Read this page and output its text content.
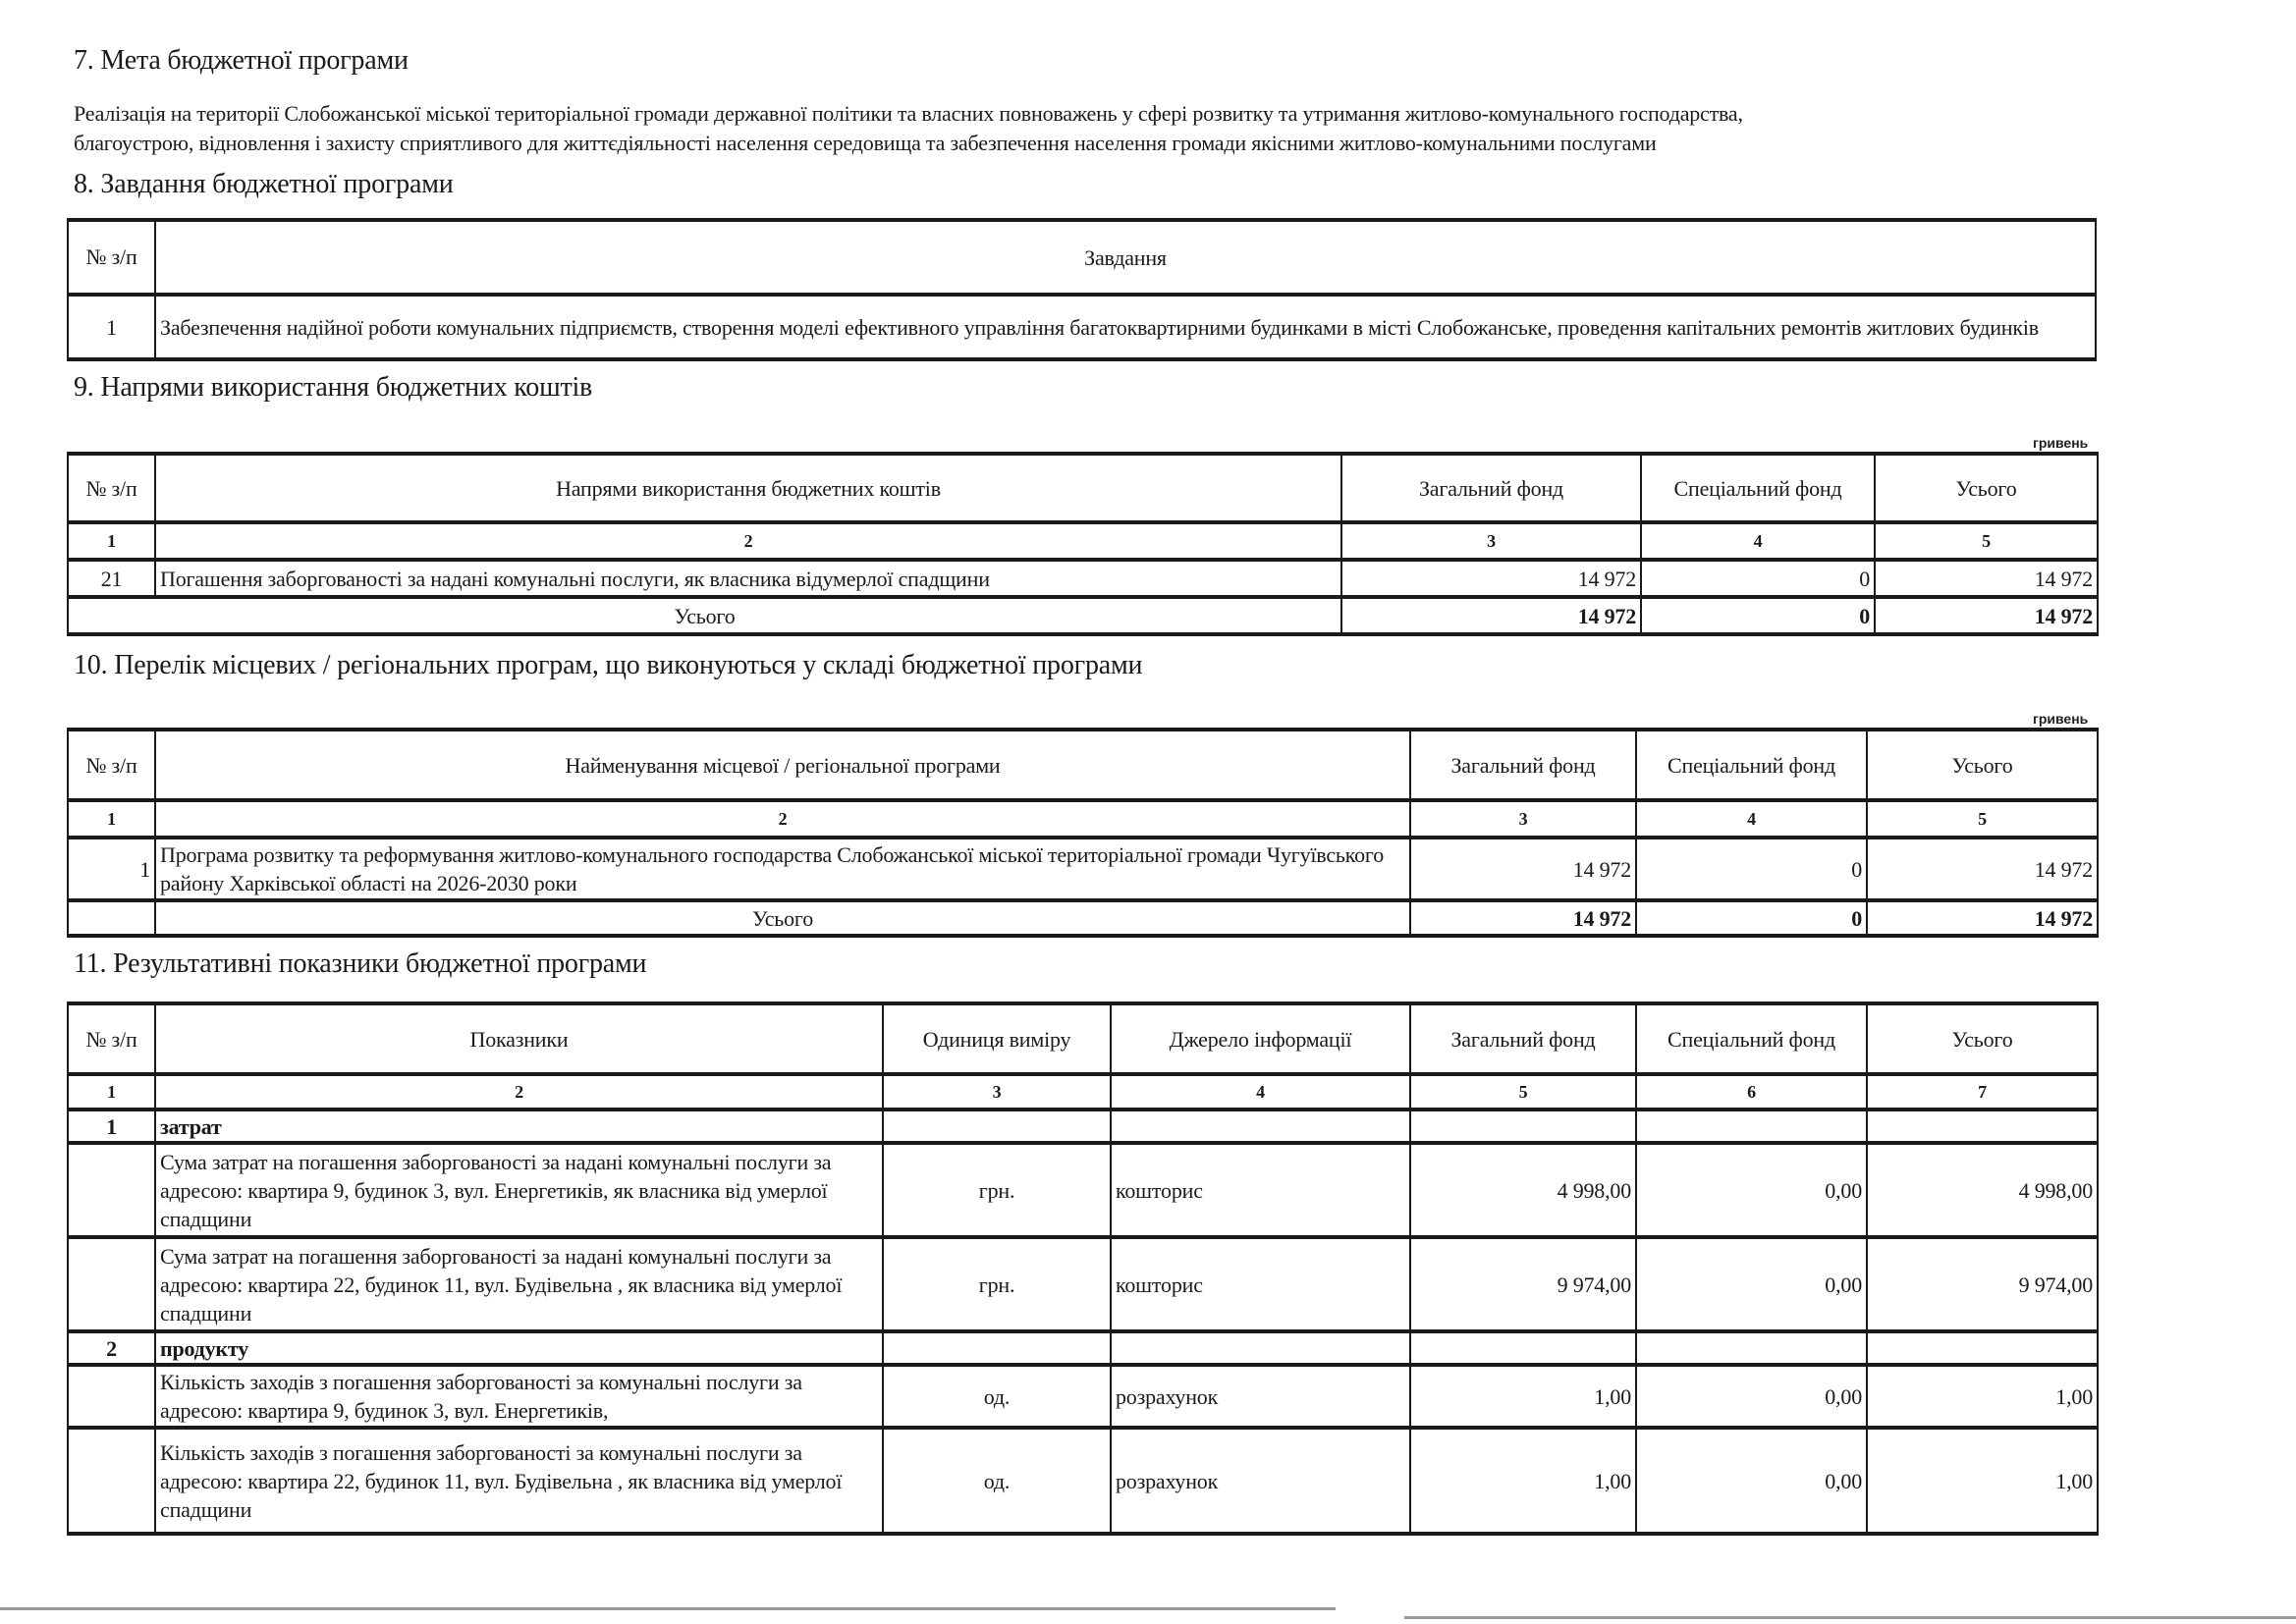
7. Мета бюджетної програми
Реалізація на території Слобожанської міської територіальної громади державної політики та власних повноважень у сфері розвитку та утримання житлово-комунального господарства,
благоустрою, відновлення і захисту сприятливого для життєдіяльності населення середовища та забезпечення населення громади якісними житлово-комунальними послугами
8. Завдання бюджетної програми
№ з/п	Завдання
1	Забезпечення надійної роботи комунальних підприємств, створення моделі ефективного управління багатоквартирними будинками в місті Слобожанське, проведення капітальних ремонтів житлових будинків
9. Напрями використання бюджетних коштів
гривень
№ з/п	Напрями використання бюджетних коштів	Загальний фонд	Спеціальний фонд	Усього
1	2	3	4	5
21	Погашення заборгованості за надані комунальні послуги, як власника відумерлої спадщини	14 972	0	14 972
Усього		14 972	0	14 972
10. Перелік місцевих / регіональних програм, що виконуються у складі бюджетної програми
гривень
№ з/п	Найменування місцевої / регіональної програми	Загальний фонд	Спеціальний фонд	Усього
1	2	3	4	5
1	Програма розвитку та реформування житлово-комунального господарства Слобожанської міської територіальної громади Чугуївського району Харківської області на 2026-2030 роки	14 972	0	14 972
	Усього	14 972	0	14 972
11. Результативні показники бюджетної програми
№ з/п	Показники	Одиниця виміру	Джерело інформації	Загальний фонд	Спеціальний фонд	Усього
1	2	3	4	5	6	7
1	затрат					
	Сума затрат на погашення заборгованості за надані комунальні послуги за адресою: квартира 9, будинок 3, вул. Енергетиків, як власника від умерлої спадщини	грн.	кошторис	4 998,00	0,00	4 998,00
	Сума затрат на погашення заборгованості за надані комунальні послуги за адресою: квартира 22, будинок 11, вул. Будівельна , як власника від умерлої спадщини	грн.	кошторис	9 974,00	0,00	9 974,00
2	продукту					
	Кількість заходів з погашення заборгованості за комунальні послуги за адресою: квартира 9, будинок 3, вул. Енергетиків,	од.	розрахунок	1,00	0,00	1,00
	Кількість заходів з погашення заборгованості за комунальні послуги за адресою: квартира 22, будинок 11, вул. Будівельна , як власника від умерлої спадщини	од.	розрахунок	1,00	0,00	1,00
